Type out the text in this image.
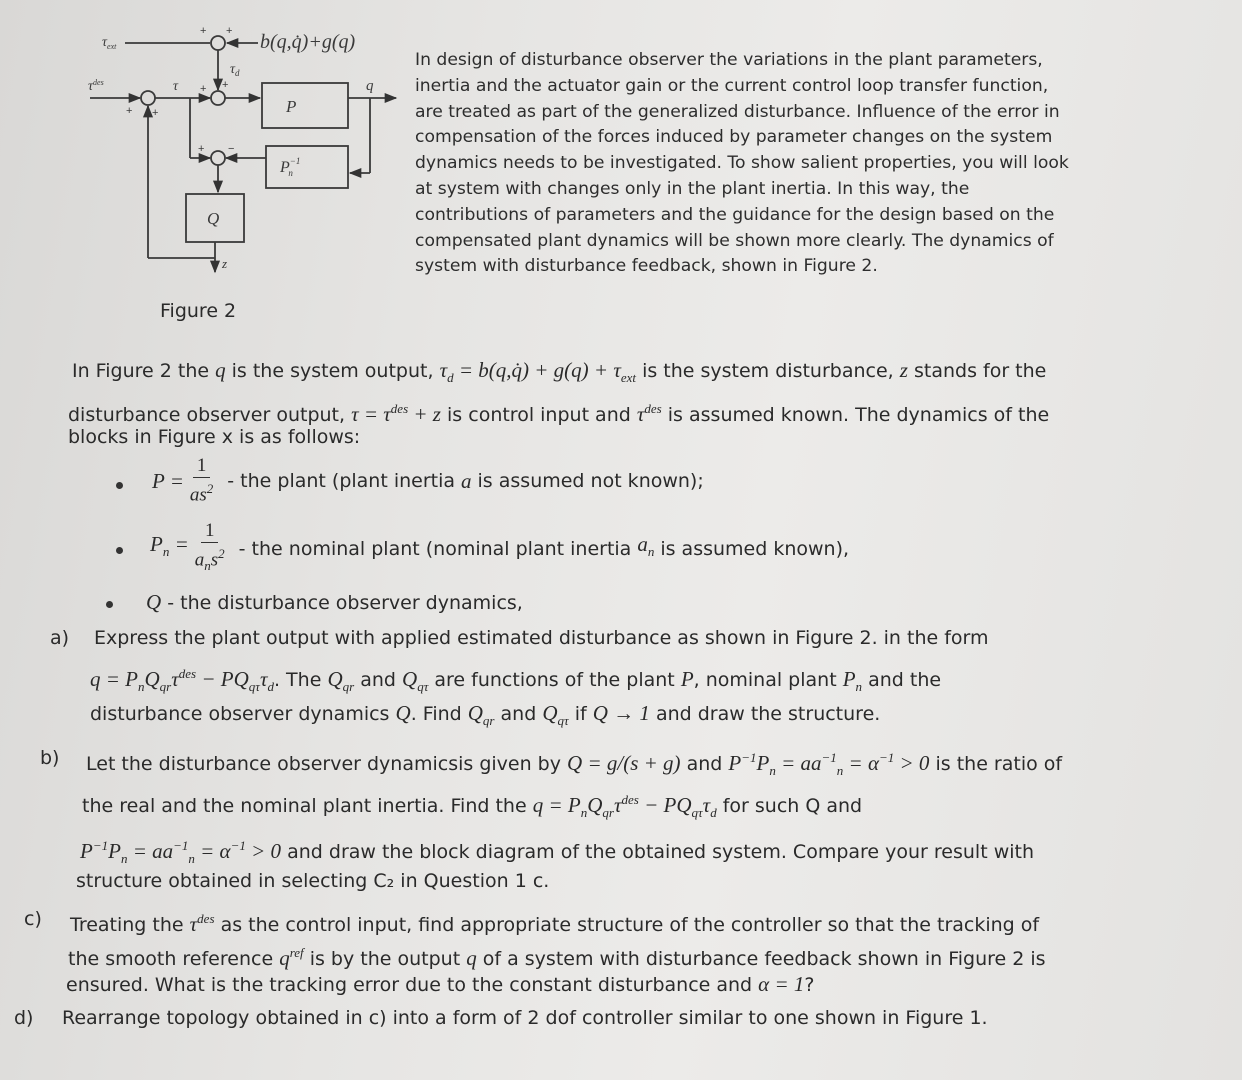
$\tau_{ext}$
$\tau^{des}$	τ
$\tau_d$
b(q,q̇)+g(q)
q
z
P
$P^{-1}$ n
Q
+ +
+ +
+ +
+ −
In design of disturbance observer the variations in the plant parameters,
inertia and the actuator gain or the current control loop transfer function,
are treated as part of the generalized disturbance. Influence of the error in
compensation of the forces induced by parameter changes on the system
dynamics needs to be investigated. To show salient properties, you will look
at system with changes only in the plant inertia. In this way, the
contributions of parameters and the guidance for the design based on the
compensated plant dynamics will be shown more clearly. The dynamics of
system with disturbance feedback, shown in Figure 2.
Figure 2
In Figure 2 the q is the system output, $\tau_d$ = b(q,q̇) + $g(q) + \tau_{ext}$ is the system disturbance, z stands for the
disturbance observer output, $\tau = \tau^{des} + z$ is control input and $\tau^{des}$ is assumed known. The dynamics of the
blocks in Figure x is as follows:
$P = \frac{1}{as^2}$ - the plant (plant inertia a is assumed not known);
$P_n = \frac{1}{a_ns^2}$ - the nominal plant (nominal plant inertia $a_n$ is assumed known),
Q - the disturbance observer dynamics,
a) Express the plant output with applied estimated disturbance as shown in Figure 2. in the form
$q = P_nQ_{qr}\tau^{des} - PQ_{q\tau}\tau_d$. The $Q_{qr}$ and $Q_{q\tau}$ are functions of the plant P, nominal plant $P_n$ and the
disturbance observer dynamics Q. Find $Q_{qr}$ and $Q_{q\tau}$ if Q → 1 and draw the structure.
b) Let the disturbance observer dynamicsis given by Q = g/(s + g) and $P^{-1}P_n = aa^{-1}_n = \alpha^{-1} > 0$ is the ratio of
the real and the nominal plant inertia. Find the $q = P_nQ_{qr}\tau^{des} - PQ_{q\tau}\tau_d$ for such Q and
$P^{-1}P_n = aa^{-1}_n = \alpha^{-1} > 0$ and draw the block diagram of the obtained system. Compare your result with
structure obtained in selecting C₂ in Question 1 c.
c) Treating the $\tau^{des}$ as the control input, find appropriate structure of the controller so that the tracking of
the smooth reference $q^{ref}$ is by the output q of a system with disturbance feedback shown in Figure 2 is
ensured. What is the tracking error due to the constant disturbance and α = 1?
d) Rearrange topology obtained in c) into a form of 2 dof controller similar to one shown in Figure 1.
